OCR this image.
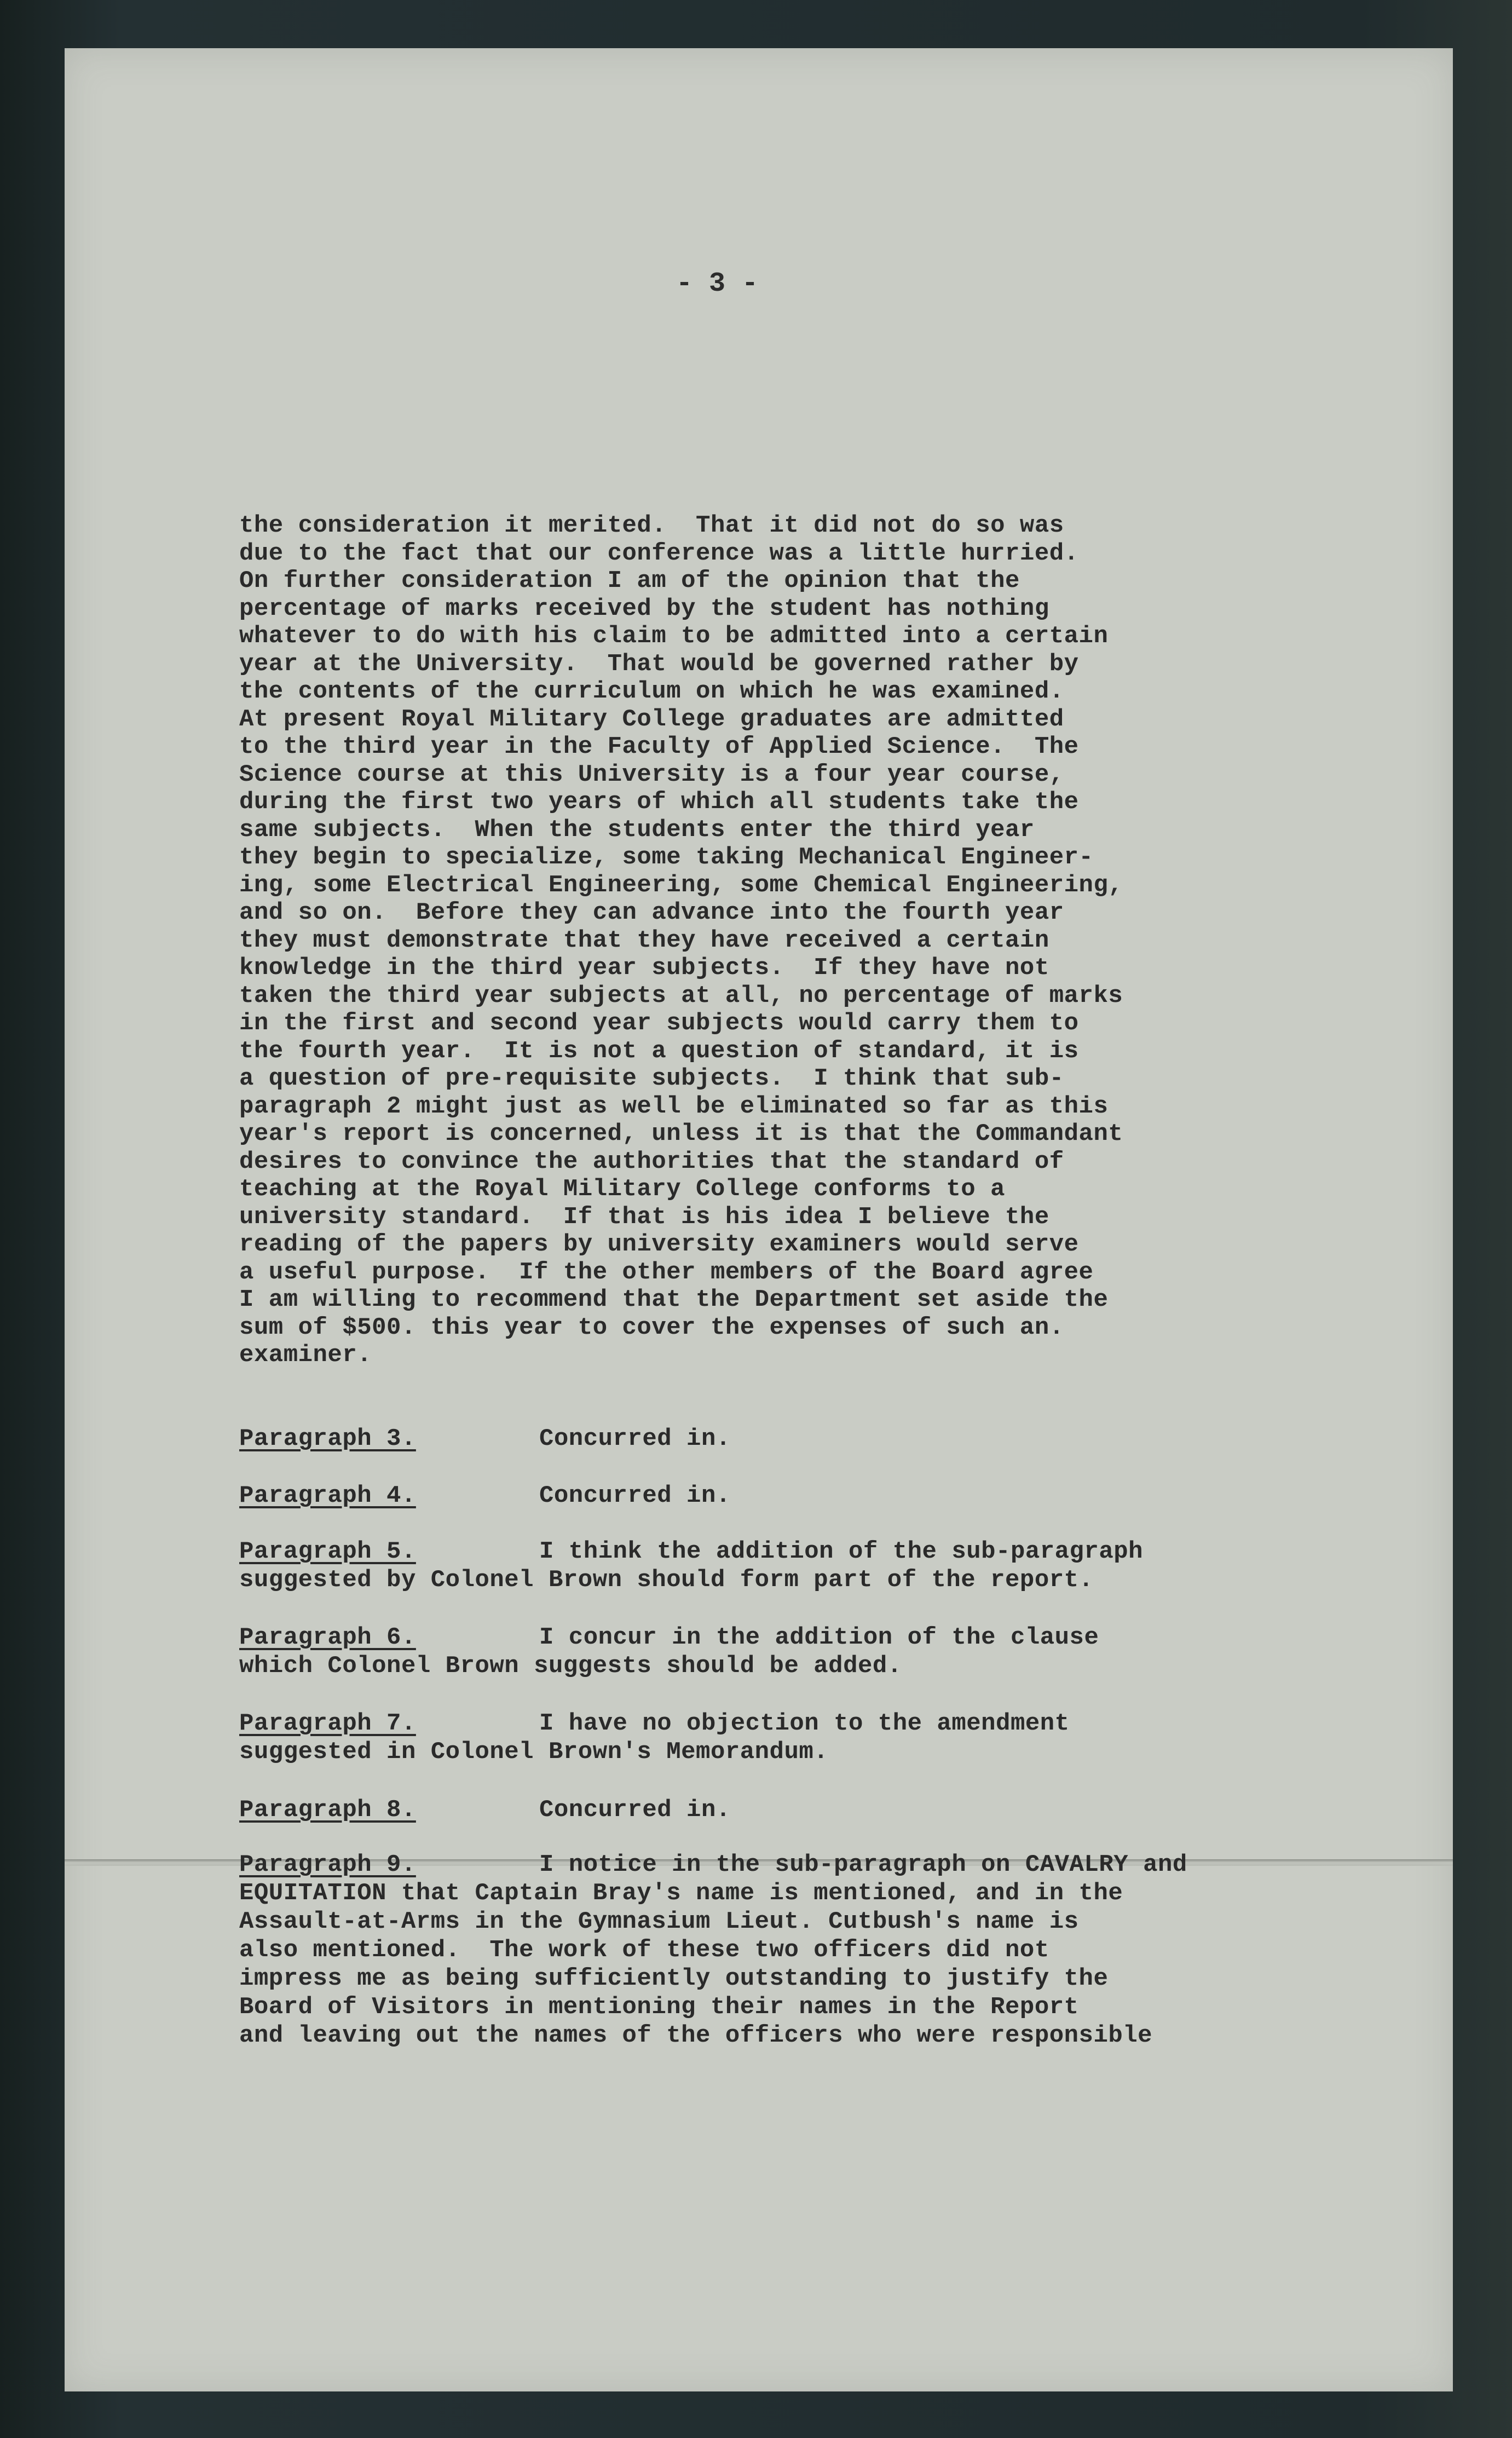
- 3 -
the consideration it merited.  That it did not do so was
due to the fact that our conference was a little hurried.
On further consideration I am of the opinion that the
percentage of marks received by the student has nothing
whatever to do with his claim to be admitted into a certain
year at the University.  That would be governed rather by
the contents of the curriculum on which he was examined.
At present Royal Military College graduates are admitted
to the third year in the Faculty of Applied Science.  The
Science course at this University is a four year course,
during the first two years of which all students take the
same subjects.  When the students enter the third year
they begin to specialize, some taking Mechanical Engineer-
ing, some Electrical Engineering, some Chemical Engineering,
and so on.  Before they can advance into the fourth year
they must demonstrate that they have received a certain
knowledge in the third year subjects.  If they have not
taken the third year subjects at all, no percentage of marks
in the first and second year subjects would carry them to
the fourth year.  It is not a question of standard, it is
a question of pre-requisite subjects.  I think that sub-
paragraph 2 might just as well be eliminated so far as this
year's report is concerned, unless it is that the Commandant
desires to convince the authorities that the standard of
teaching at the Royal Military College conforms to a
university standard.  If that is his idea I believe the
reading of the papers by university examiners would serve
a useful purpose.  If the other members of the Board agree
I am willing to recommend that the Department set aside the
sum of $500. this year to cover the expenses of such an.
examiner.
Paragraph 3.	Concurred in.
Paragraph 4.	Concurred in.
Paragraph 5.	I think the addition of the sub-paragraph
suggested by Colonel Brown should form part of the report.
Paragraph 6.	I concur in the addition of the clause
which Colonel Brown suggests should be added.
Paragraph 7.	I have no objection to the amendment
suggested in Colonel Brown's Memorandum.
Paragraph 8.	Concurred in.
Paragraph 9.	I notice in the sub-paragraph on CAVALRY and
EQUITATION that Captain Bray's name is mentioned, and in the
Assault-at-Arms in the Gymnasium Lieut. Cutbush's name is
also mentioned.  The work of these two officers did not
impress me as being sufficiently outstanding to justify the
Board of Visitors in mentioning their names in the Report
and leaving out the names of the officers who were responsible
